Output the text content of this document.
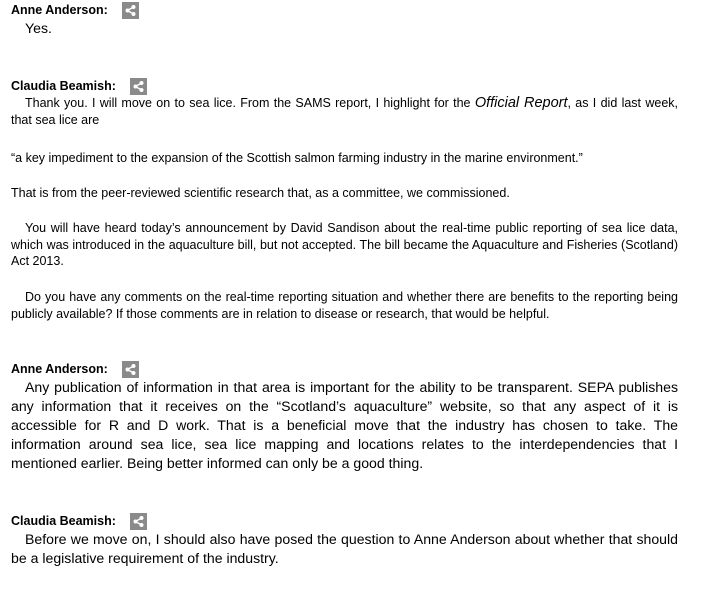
Anne Anderson:

Yes.

Claudia Beamish:

Thank you. I will move on to sea lice. From the SAMS report, I highlight for the Official Report, as I did last week, that sea lice are

“a key impediment to the expansion of the Scottish salmon farming industry in the marine environment.”

That is from the peer-reviewed scientific research that, as a committee, we commissioned.

You will have heard today’s announcement by David Sandison about the real-time public reporting of sea lice data, which was introduced in the aquaculture bill, but not accepted. The bill became the Aquaculture and Fisheries (Scotland) Act 2013.

Do you have any comments on the real-time reporting situation and whether there are benefits to the reporting being publicly available? If those comments are in relation to disease or research, that would be helpful.

Anne Anderson:

Any publication of information in that area is important for the ability to be transparent. SEPA publishes any information that it receives on the “Scotland’s aquaculture” website, so that any aspect of it is accessible for R and D work. That is a beneficial move that the industry has chosen to take. The information around sea lice, sea lice mapping and locations relates to the interdependencies that I mentioned earlier. Being better informed can only be a good thing.

Claudia Beamish:

Before we move on, I should also have posed the question to Anne Anderson about whether that should be a legislative requirement of the industry.
